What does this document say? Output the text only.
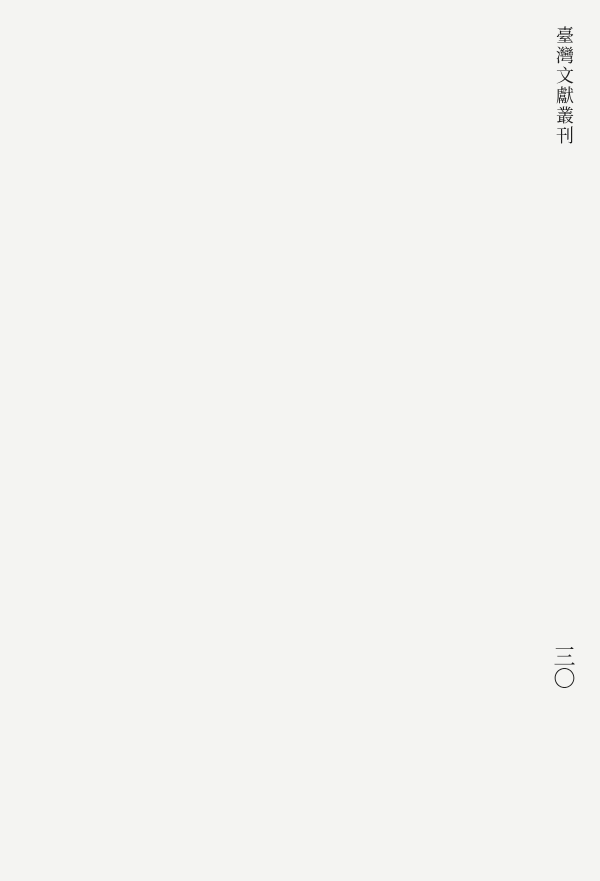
臺灣文獻叢刊
三〇
